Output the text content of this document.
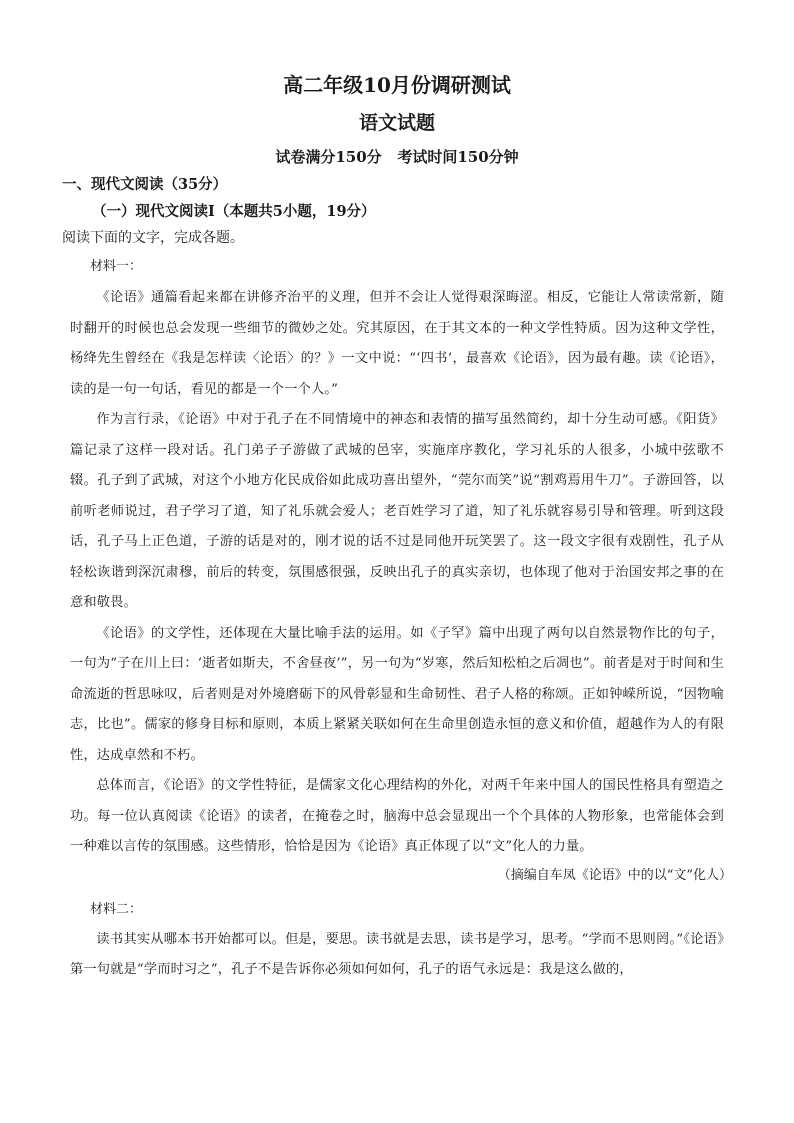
高二年级10月份调研测试
语文试题
试卷满分150分   考试时间150分钟
一、现代文阅读（35分）
（一）现代文阅读Ⅰ（本题共5小题，19分）
阅读下面的文字，完成各题。
材料一：

《论语》通篇看起来都在讲修齐治平的义理，但并不会让人觉得艰深晦涩。相反，它能让人常读常新，随时翻开的时候也总会发现一些细节的微妙之处。究其原因，在于其文本的一种文学性特质。因为这种文学性，杨绛先生曾经在《我是怎样读〈论语〉的？》一文中说：“‘四书’，最喜欢《论语》，因为最有趣。读《论语》，读的是一句一句话，看见的都是一个一个人。”

作为言行录，《论语》中对于孔子在不同情境中的神态和表情的描写虽然简约，却十分生动可感。《阳货》篇记录了这样一段对话。孔门弟子子游做了武城的邑宰，实施庠序教化，学习礼乐的人很多，小城中弦歌不辍。孔子到了武城，对这个小地方化民成俗如此成功喜出望外，“莞尔而笑”说“割鸡焉用牛刀”。子游回答，以前听老师说过，君子学习了道，知了礼乐就会爱人；老百姓学习了道，知了礼乐就容易引导和管理。听到这段话，孔子马上正色道，子游的话是对的，刚才说的话不过是同他开玩笑罢了。这一段文字很有戏剧性，孔子从轻松诙谐到深沉肃穆，前后的转变，氛围感很强，反映出孔子的真实亲切，也体现了他对于治国安邦之事的在意和敬畏。

《论语》的文学性，还体现在大量比喻手法的运用。如《子罕》篇中出现了两句以自然景物作比的句子，一句为“子在川上曰：‘逝者如斯夫，不舍昼夜’”，另一句为“岁寒，然后知松柏之后凋也”。前者是对于时间和生命流逝的哲思咏叹，后者则是对外境磨砺下的风骨彰显和生命韧性、君子人格的称颂。正如钟嵘所说，“因物喻志，比也”。儒家的修身目标和原则，本质上紧紧关联如何在生命里创造永恒的意义和价值，超越作为人的有限性，达成卓然和不朽。

总体而言，《论语》的文学性特征，是儒家文化心理结构的外化，对两千年来中国人的国民性格具有塑造之功。每一位认真阅读《论语》的读者，在掩卷之时，脑海中总会显现出一个个具体的人物形象，也常能体会到一种难以言传的氛围感。这些情形，恰恰是因为《论语》真正体现了以“文”化人的力量。

（摘编自车凤《论语》中的以“文”化人）
材料二：

读书其实从哪本书开始都可以。但是，要思。读书就是去思，读书是学习，思考。“学而不思则罔。”《论语》第一句就是“学而时习之”，孔子不是告诉你必须如何如何，孔子的语气永远是：我是这么做的，
